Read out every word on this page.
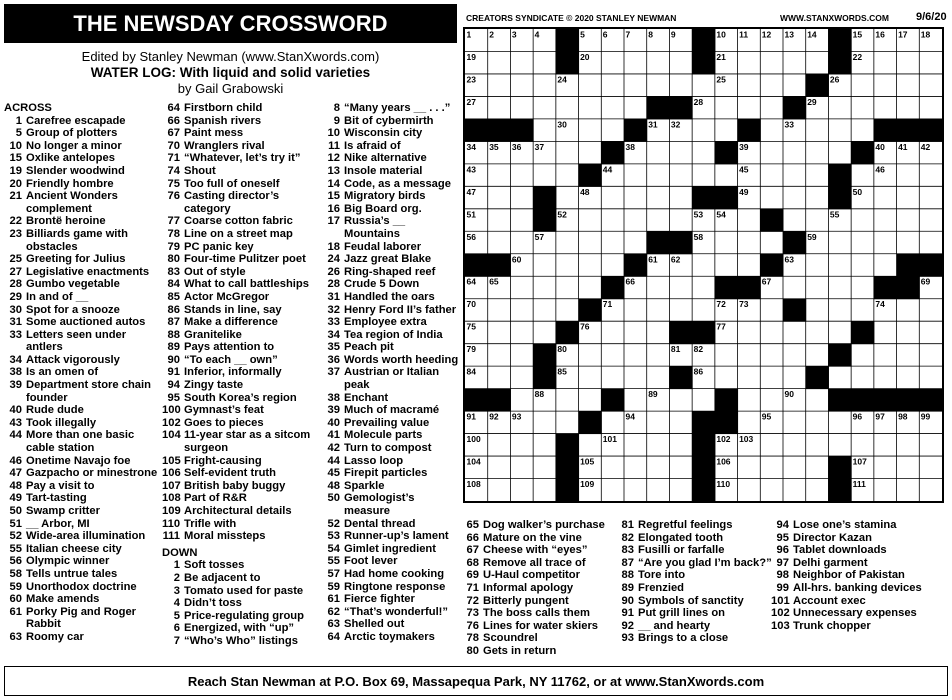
THE NEWSDAY CROSSWORD
Edited by Stanley Newman (www.StanXwords.com)
WATER LOG: With liquid and solid varieties
by Gail Grabowski
CREATORS SYNDICATE © 2020 STANLEY NEWMAN	WWW.STANXWORDS.COM 9/6/20
1 2 3 4	5 6 7 8 9	10 11 12 13 14	15 16 17 18
19	20	21	22
23	24	25	26
27	28	29
30	31 32	33
34 35 36 37	38	39	40 41 42
43	44	45	46
47	48	49	50
51	52	53 54	55
56	57	58	59
60	61 62	63
64 65	66	67	68 69
70	71	72 73	74
75	76	77	78
79	80	81 82	83
84	85	86	87
88	89	90
91 92 93	94	95	96 97 98 99
100	101	102 103
104	105	106	107
108	109	110	111
ACROSS
1 Carefree escapade
5 Group of plotters
10 No longer a minor
15 Oxlike antelopes
19 Slender woodwind
20 Friendly hombre
21 Ancient Wonders complement
22 Brontë heroine
23 Billiards game with obstacles
25 Greeting for Julius
27 Legislative enactments
28 Gumbo vegetable
29 In and of __
30 Spot for a snooze
31 Some auctioned autos
33 Letters seen under antlers
34 Attack vigorously
38 Is an omen of
39 Department store chain founder
40 Rude dude
43 Took illegally
44 More than one basic cable station
46 Onetime Navajo foe
47 Gazpacho or minestrone
48 Pay a visit to
49 Tart-tasting
50 Swamp critter
51 __ Arbor, MI
52 Wide-area illumination
55 Italian cheese city
56 Olympic winner
58 Tells untrue tales
59 Unorthodox doctrine
60 Make amends
61 Porky Pig and Roger Rabbit
63 Roomy car
64 Firstborn child
66 Spanish rivers
67 Paint mess
70 Wranglers rival
71 “Whatever, let’s try it”
74 Shout
75 Too full of oneself
76 Casting director’s category
77 Coarse cotton fabric
78 Line on a street map
79 PC panic key
80 Four-time Pulitzer poet
83 Out of style
84 What to call battleships
85 Actor McGregor
86 Stands in line, say
87 Make a difference
88 Granitelike
89 Pays attention to
90 “To each __ own”
91 Inferior, informally
94 Zingy taste
95 South Korea’s region
100 Gymnast’s feat
102 Goes to pieces
104 11-year star as a sitcom surgeon
105 Fright-causing
106 Self-evident truth
107 British baby buggy
108 Part of R&R
109 Architectural details
110 Trifle with
111 Moral missteps
DOWN
1 Soft tosses
2 Be adjacent to
3 Tomato used for paste
4 Didn’t toss
5 Price-regulating group
6 Energized, with “up”
7 “Who’s Who” listings
8 “Many years __ . . .”
9 Bit of cybermirth
10 Wisconsin city
11 Is afraid of
12 Nike alternative
13 Insole material
14 Code, as a message
15 Migratory birds
16 Big Board org.
17 Russia’s __ Mountains
18 Feudal laborer
24 Jazz great Blake
26 Ring-shaped reef
28 Crude 5 Down
31 Handled the oars
32 Henry Ford II’s father
33 Employee extra
34 Tea region of India
35 Peach pit
36 Words worth heeding
37 Austrian or Italian peak
38 Enchant
39 Much of macramé
40 Prevailing value
41 Molecule parts
42 Turn to compost
44 Lasso loop
45 Firepit particles
48 Sparkle
50 Gemologist’s measure
52 Dental thread
53 Runner-up’s lament
54 Gimlet ingredient
55 Foot lever
57 Had home cooking
59 Ringtone response
61 Fierce fighter
62 “That’s wonderful!”
63 Shelled out
64 Arctic toymakers
65 Dog walker’s purchase
66 Mature on the vine
67 Cheese with “eyes”
68 Remove all trace of
69 U-Haul competitor
71 Informal apology
72 Bitterly pungent
73 The boss calls them
76 Lines for water skiers
78 Scoundrel
80 Gets in return
81 Regretful feelings
82 Elongated tooth
83 Fusilli or farfalle
87 “Are you glad I’m back?”
88 Tore into
89 Frenzied
90 Symbols of sanctity
91 Put grill lines on
92 __ and hearty
93 Brings to a close
94 Lose one’s stamina
95 Director Kazan
96 Tablet downloads
97 Delhi garment
98 Neighbor of Pakistan
99 All-hrs. banking devices
101 Account exec
102 Unnecessary expenses
103 Trunk chopper
Reach Stan Newman at P.O. Box 69, Massapequa Park, NY 11762, or at www.StanXwords.com
